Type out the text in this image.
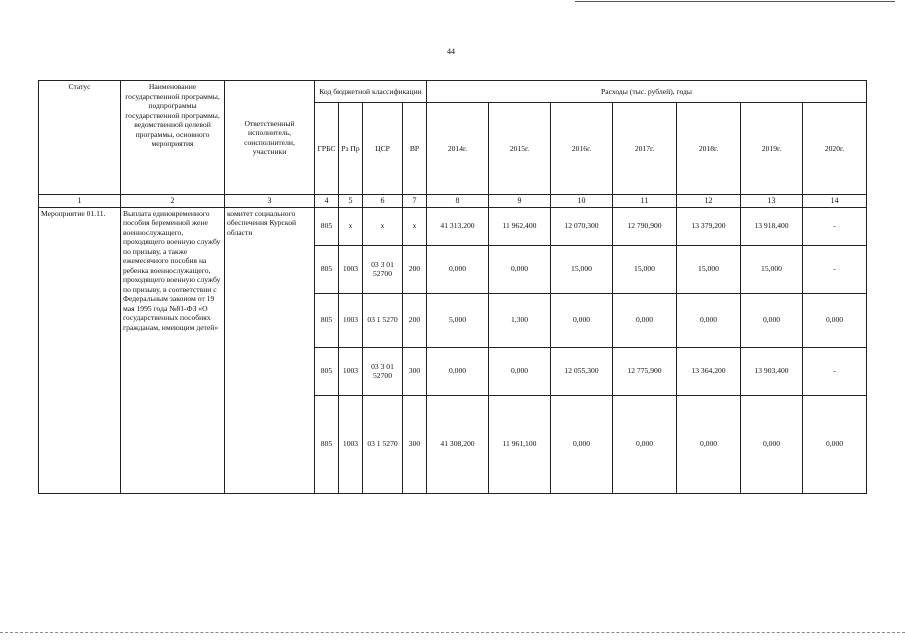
44
Статус	Наименование государственной программы, подпрограммы государственной программы, ведомственной целевой программы, основного мероприятия	Ответственный исполнитель, соисполнители, участники	Код бюджетной классификации				Расходы (тыс. рублей), годы						
			ГРБС	Рз Пр	ЦСР	ВР	2014г.	2015г.	2016г.	2017г.	2018г.	2019г.	2020г.
1	2	3	4	5	6	7	8	9	10	11	12	13	14
Мероприятие 01.11.	Выплата единовременного пособия беременной жене военнослужащего, проходящего военную службу по призыву, а также ежемесячного пособия на ребенка военнослужащего, проходящего военную службу по призыву, в соответствии с Федеральным законом от 19 мая 1995 года №81-ФЗ «О государственных пособиях гражданам, имеющим детей»	комитет социального обеспечения Курской области	805	х	х	х	41 313,200	11 962,400	12 070,300	12 790,900	13 379,200	13 918,400	-
			805	1003	03 3 01 52700	200	0,000	0,000	15,000	15,000	15,000	15,000	-
			805	1003	03 1 5270	200	5,000	1,300	0,000	0,000	0,000	0,000	0,000
			805	1003	03 3 01 52700	300	0,000	0,000	12 055,300	12 775,900	13 364,200	13 903,400	-
			805	1003	03 1 5270	300	41 308,200	11 961,100	0,000	0,000	0,000	0,000	0,000
